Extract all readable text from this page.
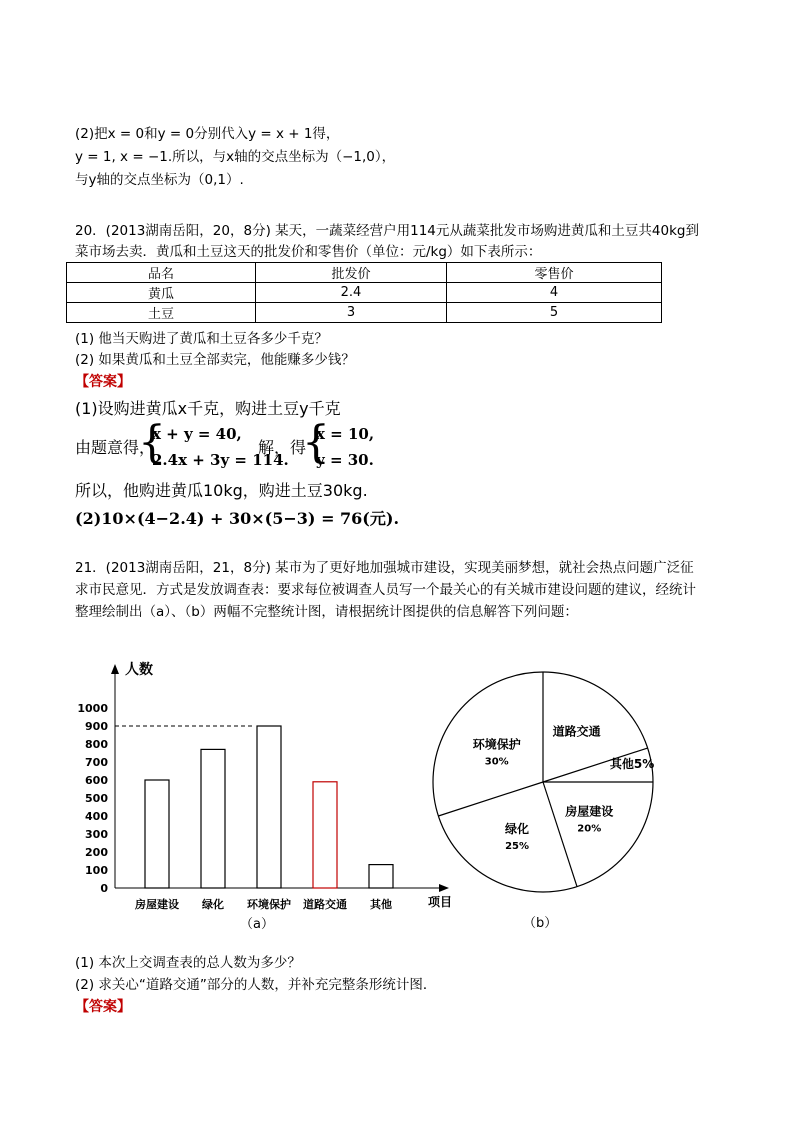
(2)把x = 0和y = 0分别代入y = x + 1得，
y = 1, x = −1.所以，与x轴的交点坐标为（−1,0），
与y轴的交点坐标为（0,1）.
20．(2013湖南岳阳，20，8分) 某天，一蔬菜经营户用114元从蔬菜批发市场购进黄瓜和土豆共40kg到
菜市场去卖．黄瓜和土豆这天的批发价和零售价（单位：元/kg）如下表所示：
品名	批发价	零售价
黄瓜	2.4	4
土豆	3	5
(1) 他当天购进了黄瓜和土豆各多少千克？
(2) 如果黄瓜和土豆全部卖完，他能赚多少钱？
【答案】
(1)设购进黄瓜x千克，购进土豆y千克
由题意得，
{
x + y = 40,
2.4x + 3y = 114.
解，得
{
x = 10,
y = 30.
所以，他购进黄瓜10kg，购进土豆30kg.
(2)10×(4−2.4) + 30×(5−3) = 76(元).
21．(2013湖南岳阳，21，8分) 某市为了更好地加强城市建设，实现美丽梦想，就社会热点问题广泛征
求市民意见．方式是发放调查表：要求每位被调查人员写一个最关心的有关城市建设问题的建议，经统计
整理绘制出（a）、（b）两幅不完整统计图，请根据统计图提供的信息解答下列问题：
0
100
200
300
400
500
600
700
800
900
1000
房屋建设 绿化 环境保护 道路交通 其他
人数
项目
（a）
道路交通
其他5%
房屋建设
20%
绿化
25%
环境保护
30%
（b）
(1) 本次上交调查表的总人数为多少？
(2) 求关心“道路交通”部分的人数，并补充完整条形统计图．
【答案】
